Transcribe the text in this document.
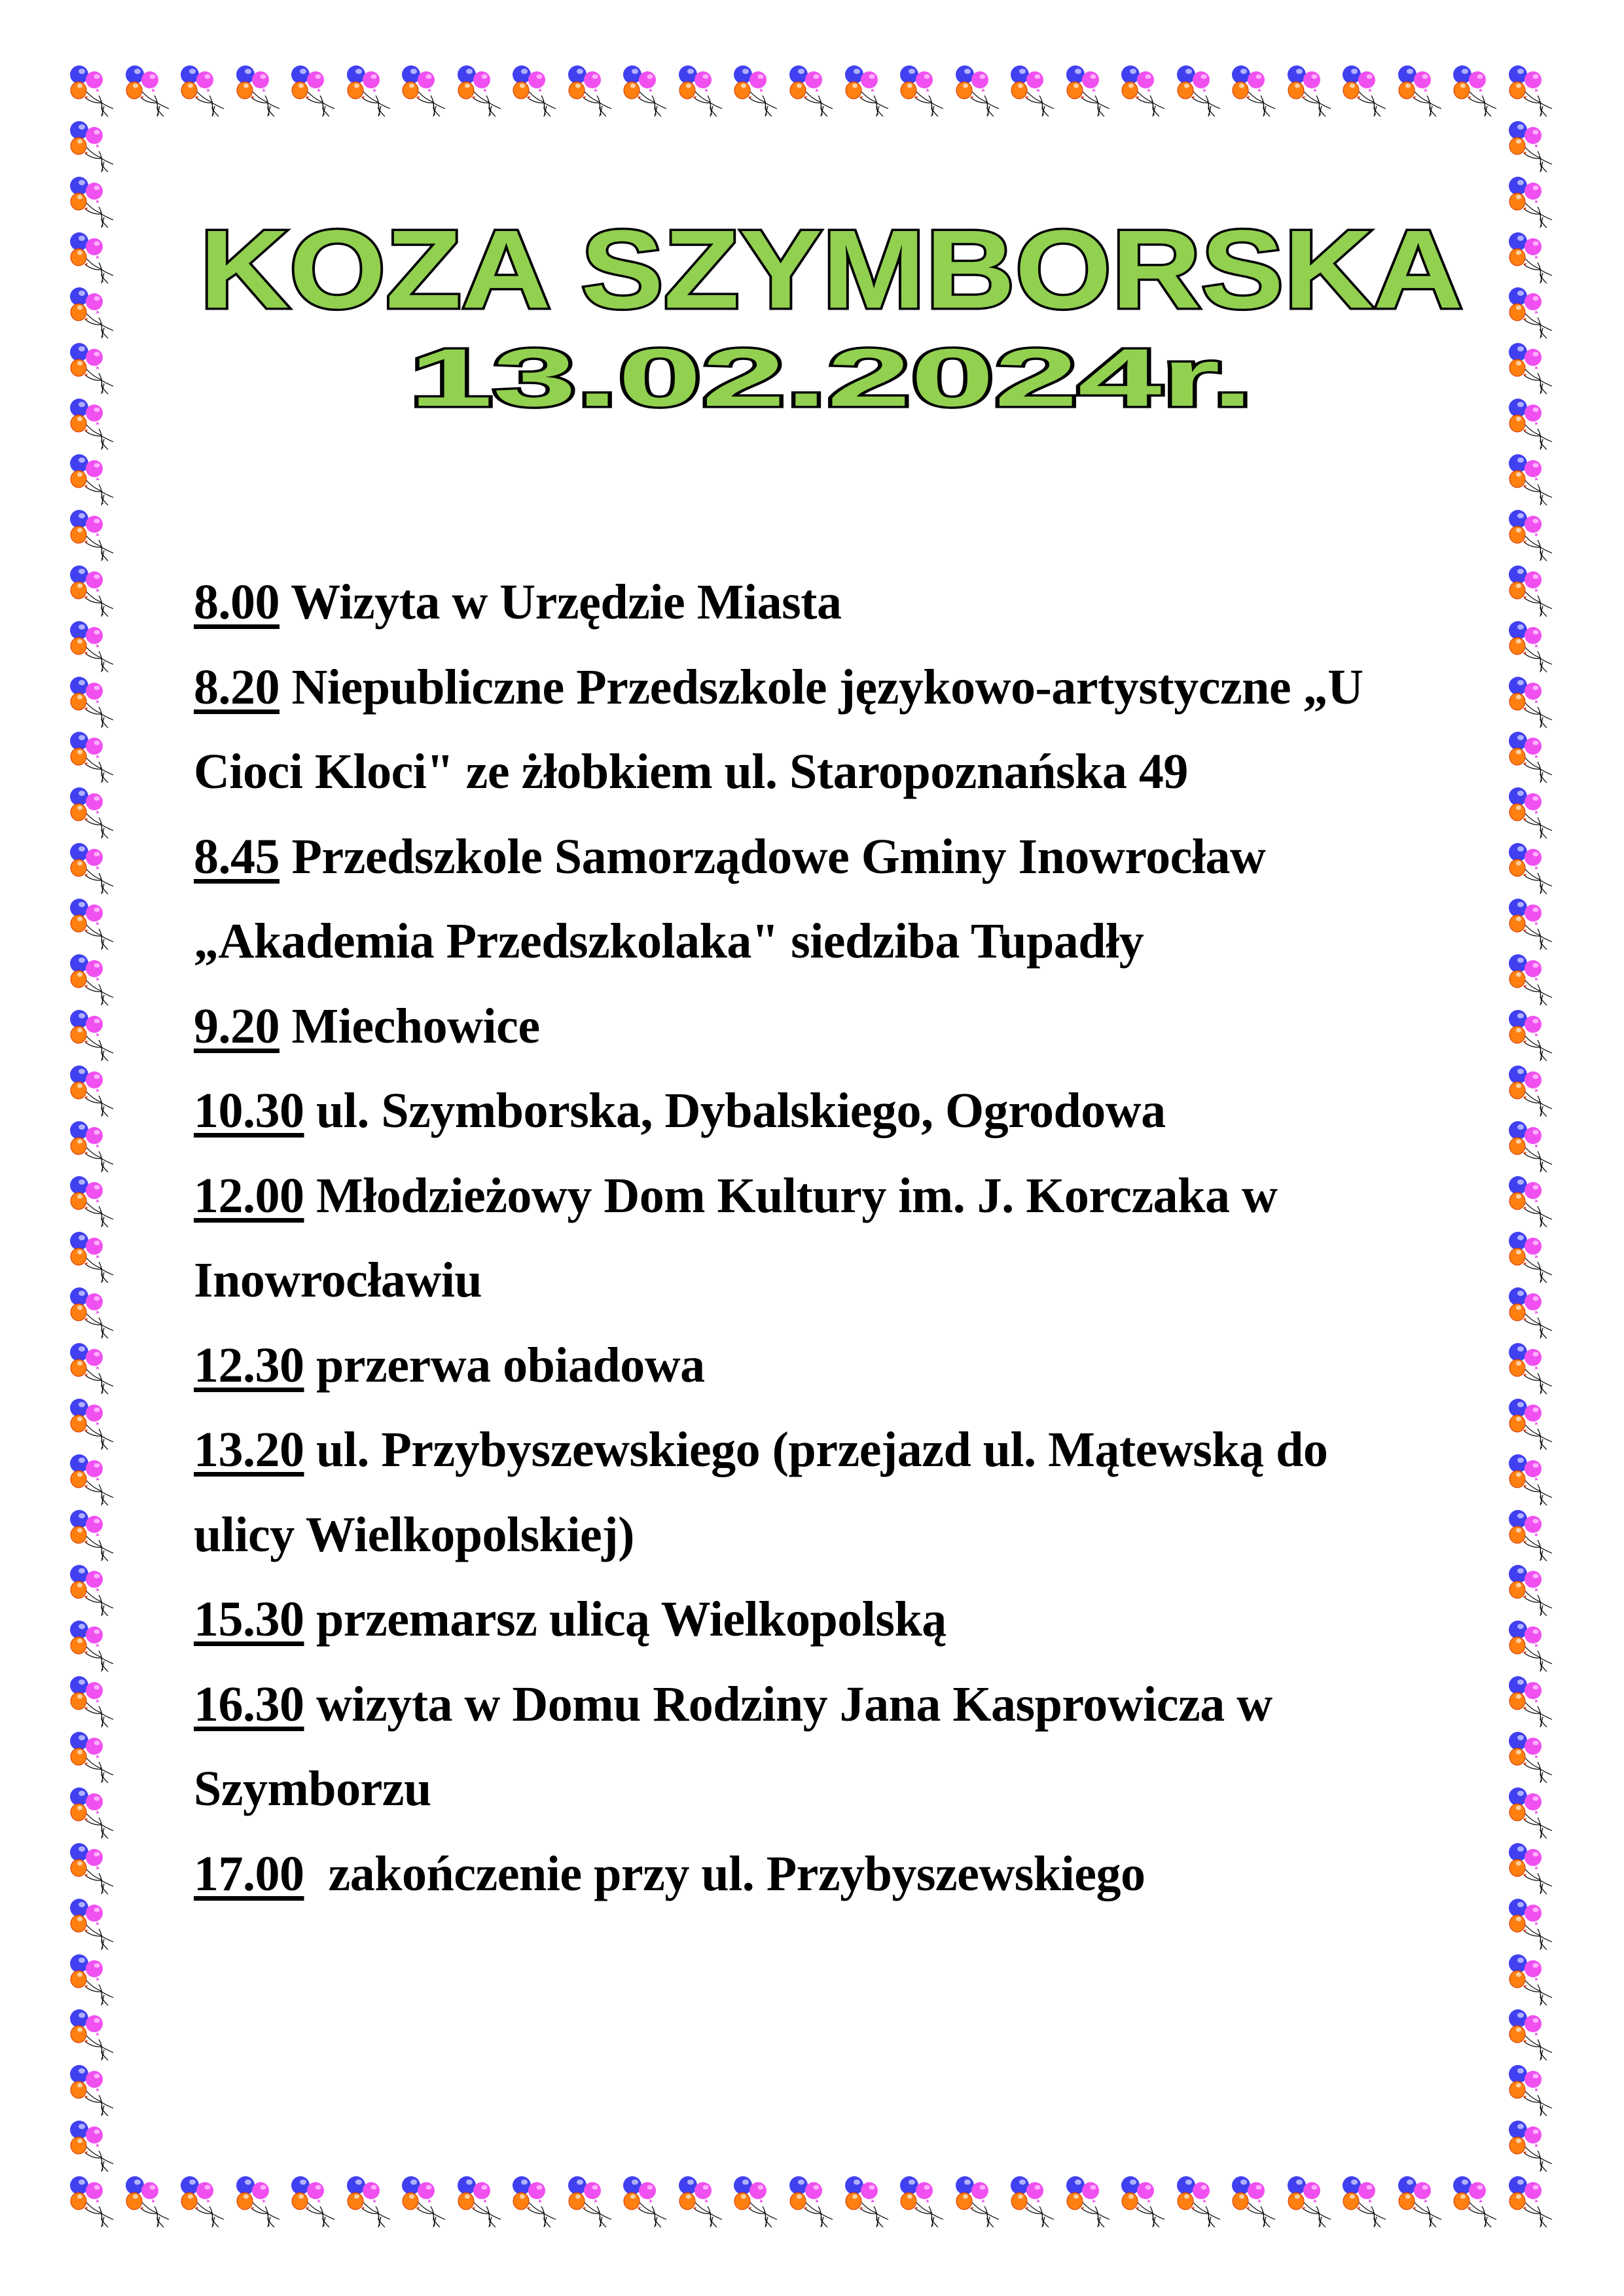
KOZA SZYMBORSKA
13.02.2024r.
8.00 Wizyta w Urzędzie Miasta
8.20 Niepubliczne Przedszkole językowo-artystyczne „U
Cioci Kloci" ze żłobkiem ul. Staropoznańska 49
8.45 Przedszkole Samorządowe Gminy Inowrocław
„Akademia Przedszkolaka" siedziba Tupadły
9.20 Miechowice
10.30 ul. Szymborska, Dybalskiego, Ogrodowa
12.00 Młodzieżowy Dom Kultury im. J. Korczaka w
Inowrocławiu
12.30 przerwa obiadowa
13.20 ul. Przybyszewskiego (przejazd ul. Mątewską do
ulicy Wielkopolskiej)
15.30 przemarsz ulicą Wielkopolską
16.30 wizyta w Domu Rodziny Jana Kasprowicza w
Szymborzu
17.00  zakończenie przy ul. Przybyszewskiego
